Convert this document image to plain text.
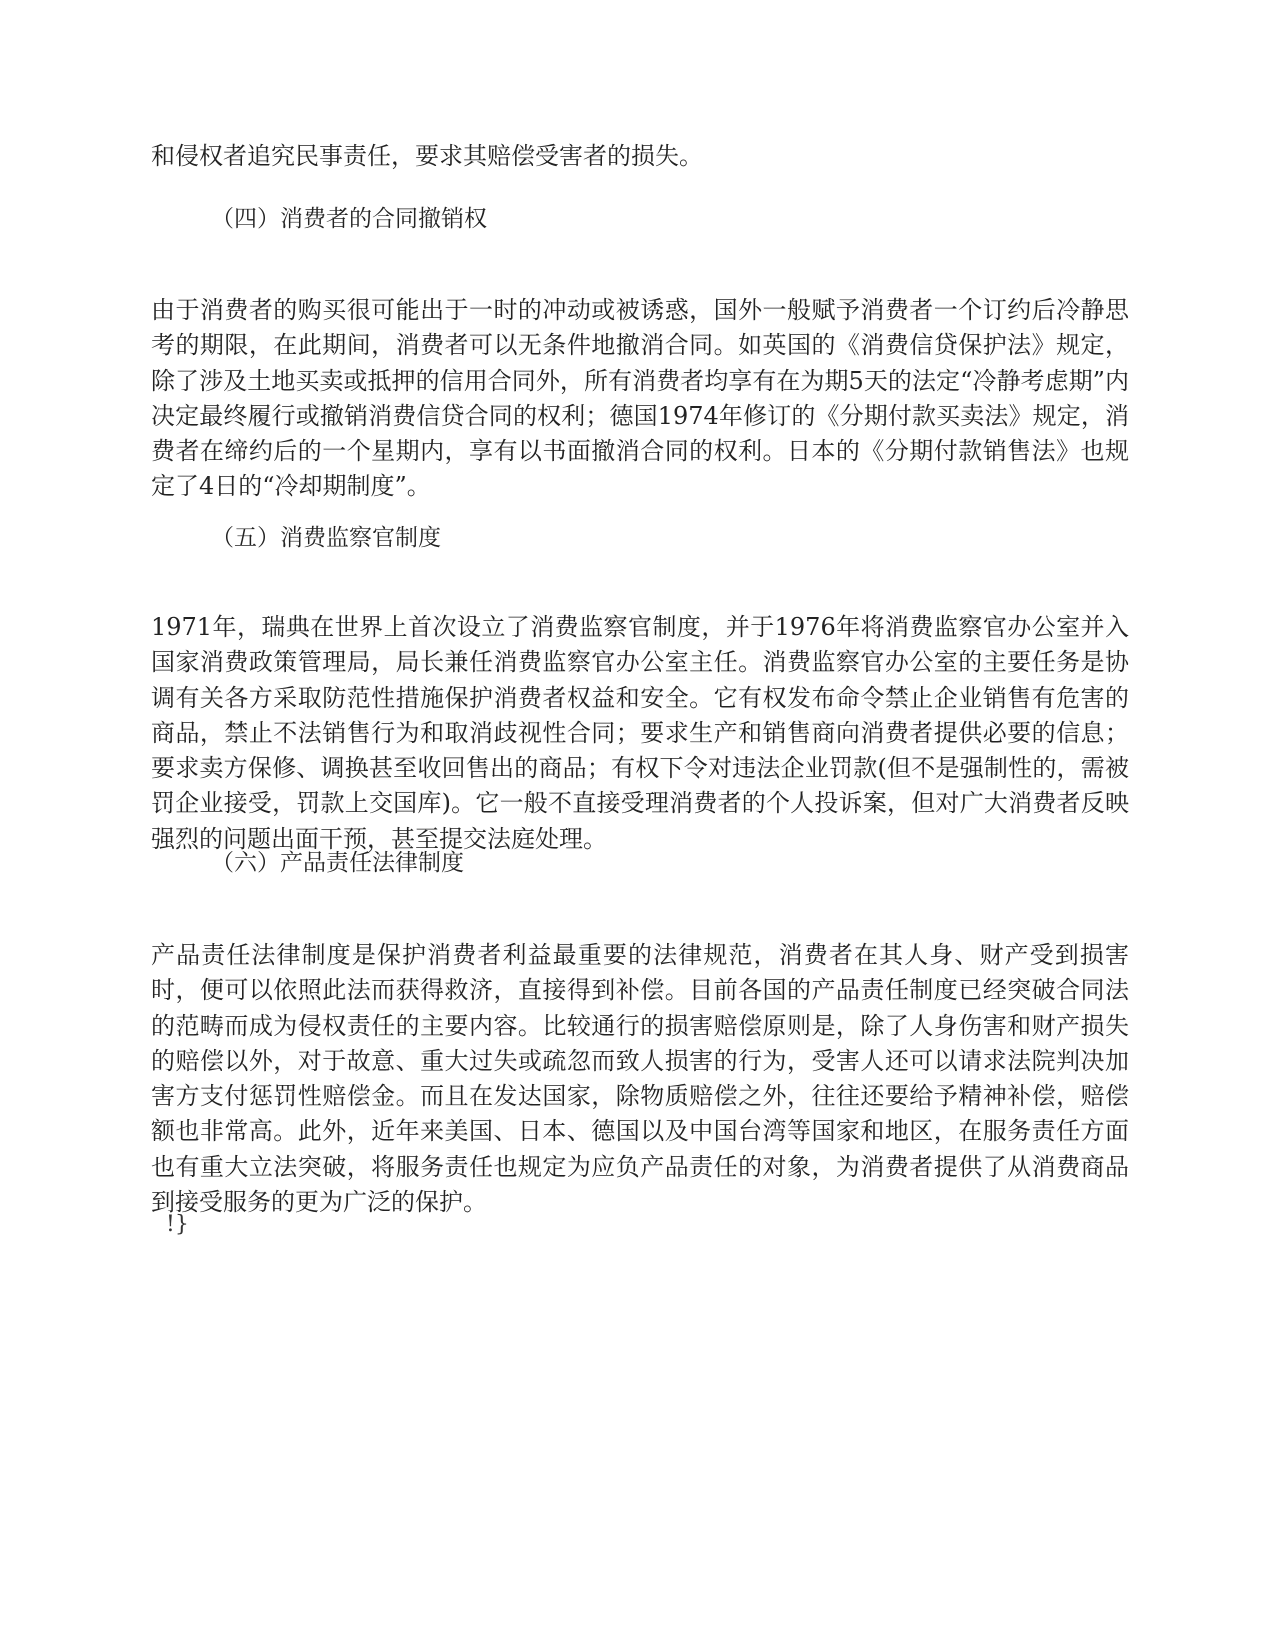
和侵权者追究民事责任，要求其赔偿受害者的损失。
（四）消费者的合同撤销权
由于消费者的购买很可能出于一时的冲动或被诱惑，国外一般赋予消费者一个订约后冷静思考的期限，在此期间，消费者可以无条件地撤消合同。如英国的《消费信贷保护法》规定，除了涉及土地买卖或抵押的信用合同外，所有消费者均享有在为期5天的法定“冷静考虑期”内决定最终履行或撤销消费信贷合同的权利；德国1974年修订的《分期付款买卖法》规定，消费者在缔约后的一个星期内，享有以书面撤消合同的权利。日本的《分期付款销售法》也规定了4日的“冷却期制度”。
（五）消费监察官制度
1971年，瑞典在世界上首次设立了消费监察官制度，并于1976年将消费监察官办公室并入国家消费政策管理局，局长兼任消费监察官办公室主任。消费监察官办公室的主要任务是协调有关各方采取防范性措施保护消费者权益和安全。它有权发布命令禁止企业销售有危害的商品，禁止不法销售行为和取消歧视性合同；要求生产和销售商向消费者提供必要的信息；要求卖方保修、调换甚至收回售出的商品；有权下令对违法企业罚款(但不是强制性的，需被罚企业接受，罚款上交国库)。它一般不直接受理消费者的个人投诉案，但对广大消费者反映强烈的问题出面干预，甚至提交法庭处理。
（六）产品责任法律制度
产品责任法律制度是保护消费者利益最重要的法律规范，消费者在其人身、财产受到损害时，便可以依照此法而获得救济，直接得到补偿。目前各国的产品责任制度已经突破合同法的范畴而成为侵权责任的主要内容。比较通行的损害赔偿原则是，除了人身伤害和财产损失的赔偿以外，对于故意、重大过失或疏忽而致人损害的行为，受害人还可以请求法院判决加害方支付惩罚性赔偿金。而且在发达国家，除物质赔偿之外，往往还要给予精神补偿，赔偿额也非常高。此外，近年来美国、日本、德国以及中国台湾等国家和地区，在服务责任方面也有重大立法突破，将服务责任也规定为应负产品责任的对象，为消费者提供了从消费商品到接受服务的更为广泛的保护。
!}
